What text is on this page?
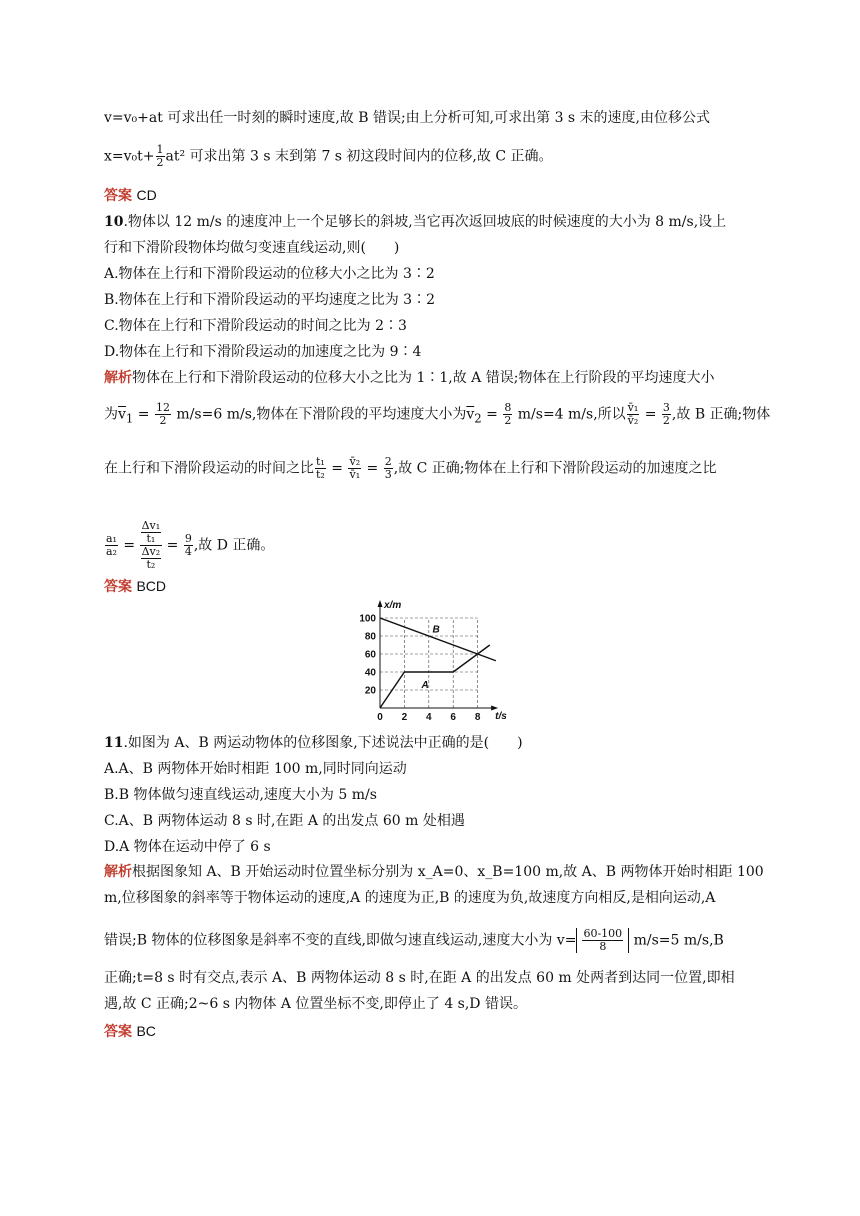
v=v₀+at 可求出任一时刻的瞬时速度,故 B 错误;由上分析可知,可求出第 3 s 末的速度,由位移公式
$x=v_0t+ \frac{1}{2} at^2$ 可求出第 3 s 末到第 7 s 初这段时间内的位移,故 C 正确。
答案 CD
10.物体以 12 m/s 的速度冲上一个足够长的斜坡,当它再次返回坡底的时候速度的大小为 8 m/s,设上
行和下滑阶段物体均做匀变速直线运动,则(　　)
A.物体在上行和下滑阶段运动的位移大小之比为 3∶2
B.物体在上行和下滑阶段运动的平均速度之比为 3∶2
C.物体在上行和下滑阶段运动的时间之比为 2∶3
D.物体在上行和下滑阶段运动的加速度之比为 9∶4
解析物体在上行和下滑阶段运动的位移大小之比为 1∶1,故 A 错误;物体在上行阶段的平均速度大小
为$\overline{v}_1 = \frac{12}{2} m/s=6$ m/s,物体在下滑阶段的平均速度大小为$\overline{v}_2 = \frac{8}{2} m/s=4$ m/s,所以 $\frac{\text{v̄₁}}{\text{v̄₂}} = \frac{3}{2}$ ,故 B 正确;物体
在上行和下滑阶段运动的时间之比 $\frac{\text{t₁}}{\text{t₂}} = \frac{\text{v̄₂}}{\text{v̄₁}} = \frac{2}{3}$ ,故 C 正确;物体在上行和下滑阶段运动的加速度之比
$\frac{\text{a₁}}{\text{a₂}} = \frac{\frac{\text{Δv₁}}{\text{t₁}}}{\frac{\text{Δv₂}}{\text{t₂}}} = \frac{9}{4}$ ,故 D 正确。
答案 BCD
0 2 4 6 8
20
40
60
80
100
t/s
x/m
A
B
11.如图为 A、B 两运动物体的位移图象,下述说法中正确的是(　　)
A.A、B 两物体开始时相距 100 m,同时同向运动
B.B 物体做匀速直线运动,速度大小为 5 m/s
C.A、B 两物体运动 8 s 时,在距 A 的出发点 60 m 处相遇
D.A 物体在运动中停了 6 s
解析根据图象知 A、B 开始运动时位置坐标分别为 x_A=0、x_B=100 m,故 A、B 两物体开始时相距 100
m,位移图象的斜率等于物体运动的速度,A 的速度为正,B 的速度为负,故速度方向相反,是相向运动,A
错误;B 物体的位移图象是斜率不变的直线,即做匀速直线运动,速度大小为 $v= \frac{60-100}{8} m/s=5$ m/s,B
正确;t=8 s 时有交点,表示 A、B 两物体运动 8 s 时,在距 A 的出发点 60 m 处两者到达同一位置,即相
遇,故 C 正确;2~6 s 内物体 A 位置坐标不变,即停止了 4 s,D 错误。
答案 BC
